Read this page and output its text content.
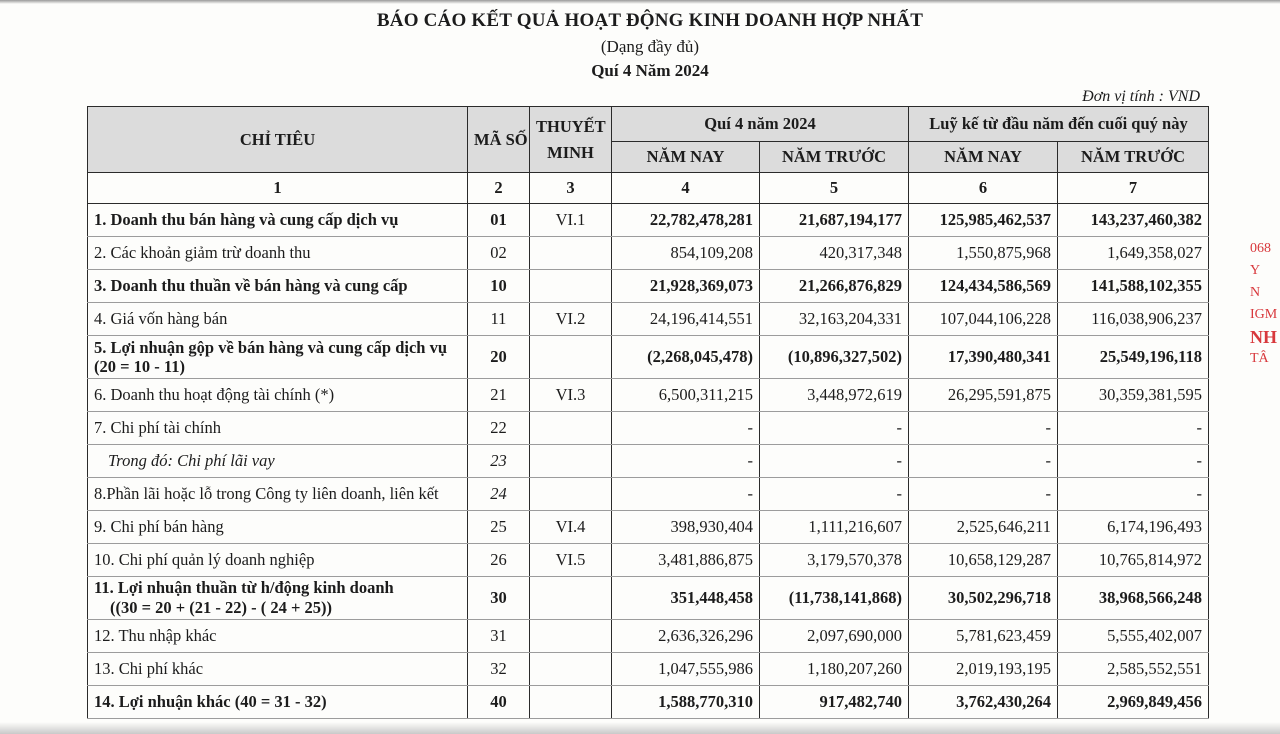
BÁO CÁO KẾT QUẢ HOẠT ĐỘNG KINH DOANH HỢP NHẤT
(Dạng đầy đủ)
Quí 4 Năm 2024
Đơn vị tính : VND
CHỈ TIÊU	MÃ SỐ	THUYẾT MINH	Quí 4 năm 2024		Luỹ kế từ đầu năm đến cuối quý này	
			NĂM NAY	NĂM TRƯỚC	NĂM NAY	NĂM TRƯỚC
1	2	3	4	5	6	7
1. Doanh thu bán hàng và cung cấp dịch vụ	01	VI.1	22,782,478,281	21,687,194,177	125,985,462,537	143,237,460,382
2. Các khoản giảm trừ doanh thu	02		854,109,208	420,317,348	1,550,875,968	1,649,358,027
3. Doanh thu thuần về bán hàng và cung cấp	10		21,928,369,073	21,266,876,829	124,434,586,569	141,588,102,355
4. Giá vốn hàng bán	11	VI.2	24,196,414,551	32,163,204,331	107,044,106,228	116,038,906,237
5. Lợi nhuận gộp về bán hàng và cung cấp dịch vụ (20 = 10 - 11)	20		(2,268,045,478)	(10,896,327,502)	17,390,480,341	25,549,196,118
6. Doanh thu hoạt động tài chính (*)	21	VI.3	6,500,311,215	3,448,972,619	26,295,591,875	30,359,381,595
7. Chi phí tài chính	22		-	-	-	-
Trong đó: Chi phí lãi vay	23		-	-	-	-
8.Phần lãi hoặc lỗ trong Công ty liên doanh, liên kết	24		-	-	-	-
9. Chi phí bán hàng	25	VI.4	398,930,404	1,111,216,607	2,525,646,211	6,174,196,493
10. Chi phí quản lý doanh nghiệp	26	VI.5	3,481,886,875	3,179,570,378	10,658,129,287	10,765,814,972

11. Lợi nhuận thuần từ h/động kinh doanh
((30 = 20 + (21 - 22) - ( 24 + 25))	30		351,448,458	(11,738,141,868)	30,502,296,718	38,968,566,248
12. Thu nhập khác	31		2,636,326,296	2,097,690,000	5,781,623,459	5,555,402,007
13. Chi phí khác	32		1,047,555,986	1,180,207,260	2,019,193,195	2,585,552,551
14. Lợi nhuận khác (40 = 31 - 32)	40		1,588,770,310	917,482,740	3,762,430,264	2,969,849,456
068
Y
N
IGM
NH
TÂ
